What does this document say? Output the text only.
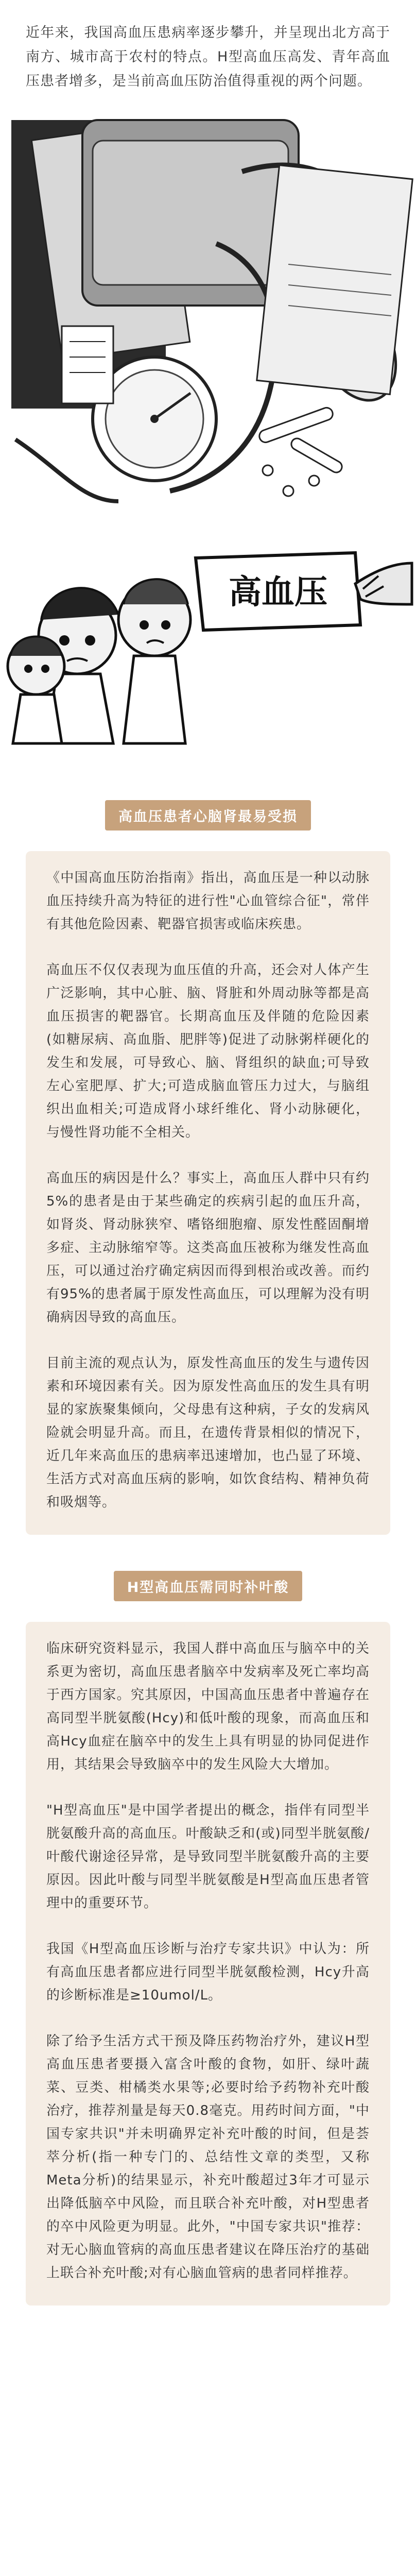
近年来，我国高血压患病率逐步攀升，并呈现出北方高于南方、城市高于农村的特点。H型高血压高发、青年高血压患者增多，是当前高血压防治值得重视的两个问题。
高血压
高血压患者心脑肾最易受损

《中国高血压防治指南》指出，高血压是一种以动脉血压持续升高为特征的进行性"心血管综合征"，常伴有其他危险因素、靶器官损害或临床疾患。

高血压不仅仅表现为血压值的升高，还会对人体产生广泛影响，其中心脏、脑、肾脏和外周动脉等都是高血压损害的靶器官。长期高血压及伴随的危险因素(如糖尿病、高血脂、肥胖等)促进了动脉粥样硬化的发生和发展，可导致心、脑、肾组织的缺血;可导致左心室肥厚、扩大;可造成脑血管压力过大，与脑组织出血相关;可造成肾小球纤维化、肾小动脉硬化，与慢性肾功能不全相关。

高血压的病因是什么？事实上，高血压人群中只有约5%的患者是由于某些确定的疾病引起的血压升高，如肾炎、肾动脉狭窄、嗜铬细胞瘤、原发性醛固酮增多症、主动脉缩窄等。这类高血压被称为继发性高血压，可以通过治疗确定病因而得到根治或改善。而约有95%的患者属于原发性高血压，可以理解为没有明确病因导致的高血压。

目前主流的观点认为，原发性高血压的发生与遗传因素和环境因素有关。因为原发性高血压的发生具有明显的家族聚集倾向，父母患有这种病，子女的发病风险就会明显升高。而且，在遗传背景相似的情况下，近几年来高血压的患病率迅速增加，也凸显了环境、生活方式对高血压病的影响，如饮食结构、精神负荷和吸烟等。

H型高血压需同时补叶酸

临床研究资料显示，我国人群中高血压与脑卒中的关系更为密切，高血压患者脑卒中发病率及死亡率均高于西方国家。究其原因，中国高血压患者中普遍存在高同型半胱氨酸(Hcy)和低叶酸的现象，而高血压和高Hcy血症在脑卒中的发生上具有明显的协同促进作用，其结果会导致脑卒中的发生风险大大增加。

"H型高血压"是中国学者提出的概念，指伴有同型半胱氨酸升高的高血压。叶酸缺乏和(或)同型半胱氨酸/叶酸代谢途径异常，是导致同型半胱氨酸升高的主要原因。因此叶酸与同型半胱氨酸是H型高血压患者管理中的重要环节。

我国《H型高血压诊断与治疗专家共识》中认为：所有高血压患者都应进行同型半胱氨酸检测，Hcy升高的诊断标准是≥10umol/L。

除了给予生活方式干预及降压药物治疗外，建议H型高血压患者要摄入富含叶酸的食物，如肝、绿叶蔬菜、豆类、柑橘类水果等;必要时给予药物补充叶酸治疗，推荐剂量是每天0.8毫克。用药时间方面，"中国专家共识"并未明确界定补充叶酸的时间，但是荟萃分析(指一种专门的、总结性文章的类型，又称Meta分析)的结果显示，补充叶酸超过3年才可显示出降低脑卒中风险，而且联合补充叶酸，对H型患者的卒中风险更为明显。此外，"中国专家共识"推荐：对无心脑血管病的高血压患者建议在降压治疗的基础上联合补充叶酸;对有心脑血管病的患者同样推荐。
